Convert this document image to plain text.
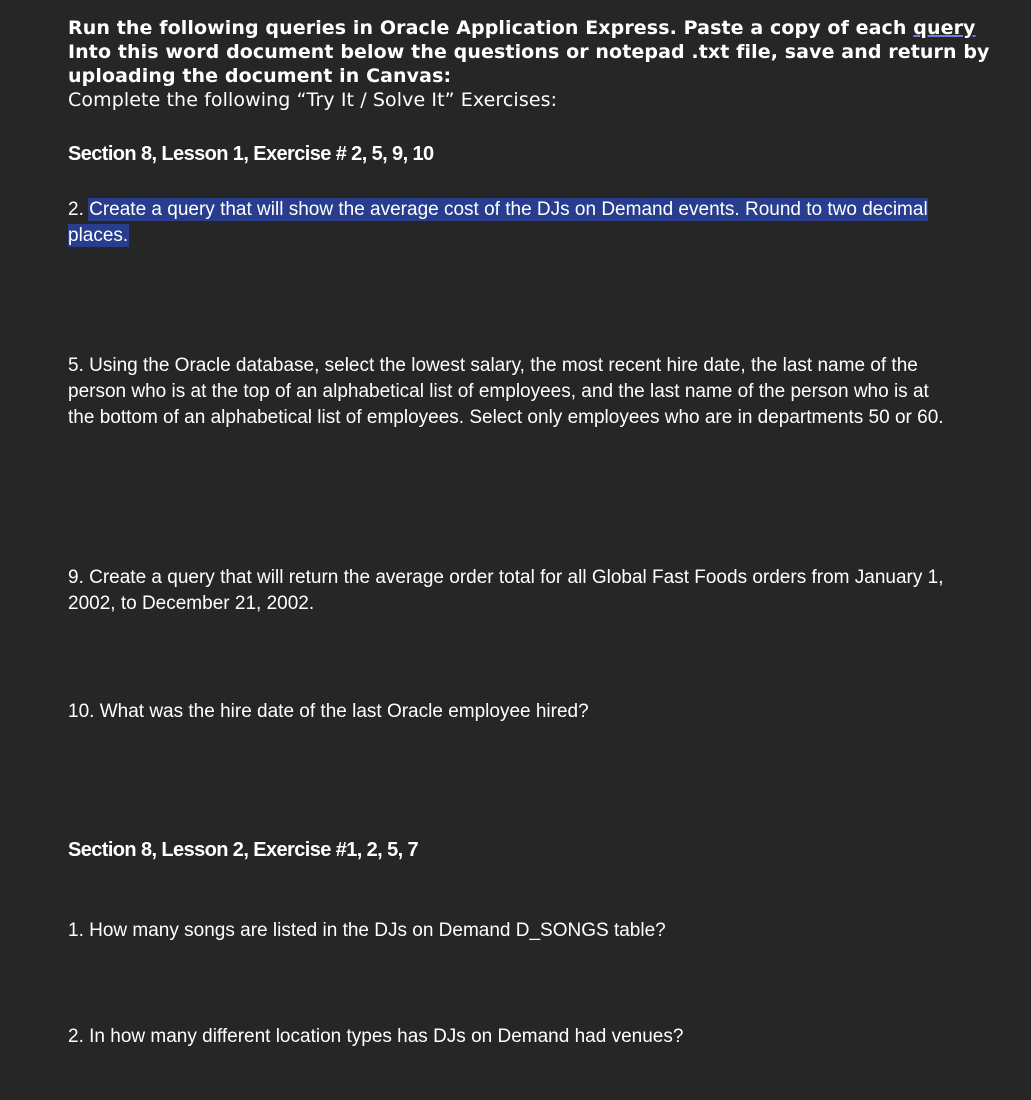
Run the following queries in Oracle Application Express. Paste a copy of each query
Into this word document below the questions or notepad .txt file, save and return by
uploading the document in Canvas:
Complete the following “Try It / Solve It” Exercises:
Section 8, Lesson 1, Exercise # 2, 5, 9, 10
2. Create a query that will show the average cost of the DJs on Demand events. Round to two decimal places.
5. Using the Oracle database, select the lowest salary, the most recent hire date, the last name of the person who is at the top of an alphabetical list of employees, and the last name of the person who is at the bottom of an alphabetical list of employees. Select only employees who are in departments 50 or 60.
9. Create a query that will return the average order total for all Global Fast Foods orders from January 1, 2002, to December 21, 2002.
10. What was the hire date of the last Oracle employee hired?
Section 8, Lesson 2, Exercise #1, 2, 5, 7
1. How many songs are listed in the DJs on Demand D_SONGS table?
2. In how many different location types has DJs on Demand had venues?
